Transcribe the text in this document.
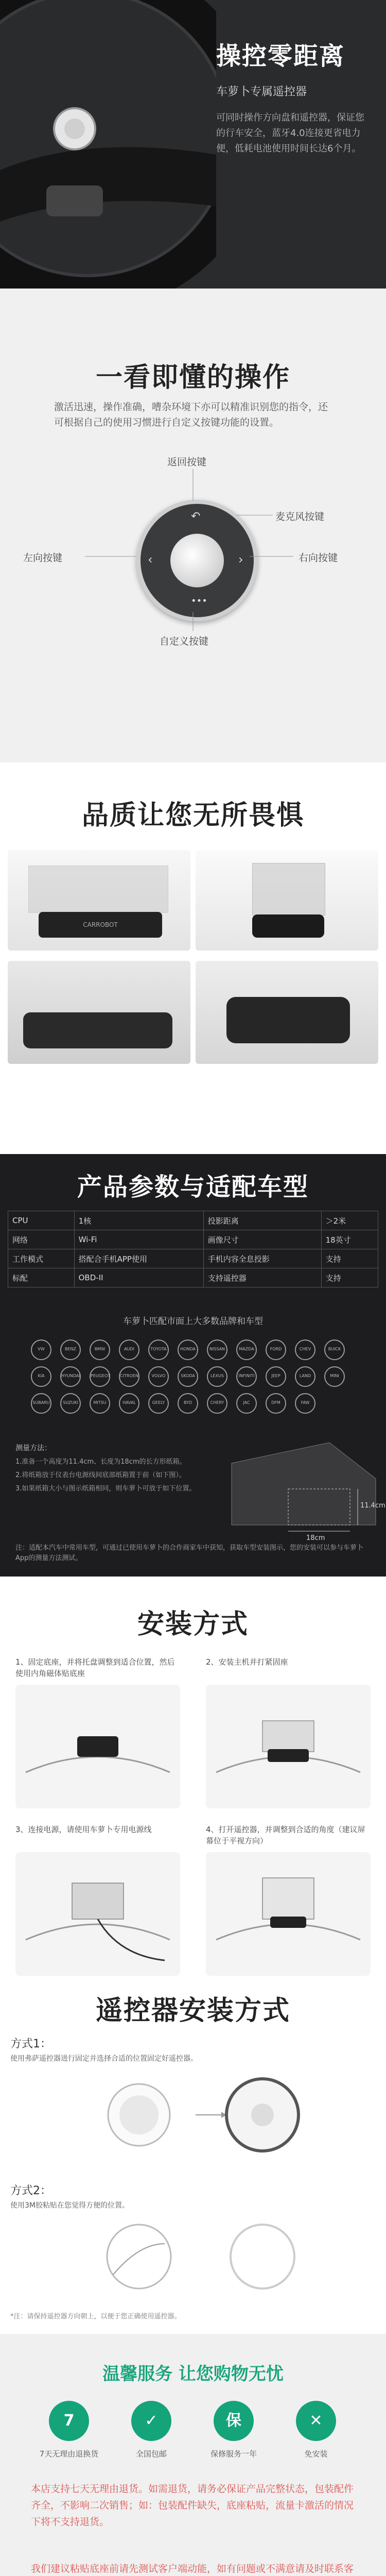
操控零距离
车萝卜专属遥控器
可同时操作方向盘和遥控器，保证您的行车安全，蓝牙4.0连接更省电力便，低耗电池使用时间长达6个月。
一看即懂的操作
激活迅速，操作准确，嘈杂环境下亦可以精准识别您的指令，还可根据自己的使用习惯进行自定义按键功能的设置。
↶
‹	›
•••
返回按键
麦克风按键
左向按键	右向按键
自定义按键
品质让您无所畏惧
CARROBOT
产品参数与适配车型
CPU	1核	投影距离	＞2米
网络	Wi-Fi	画像尺寸	18英寸
工作模式	搭配合手机APP使用	手机内容全息投影	支持
标配	OBD-II	支持遥控器	支持
车萝卜匹配市面上大多数品牌和车型
VW	BENZ	BMW	AUDI	TOYOTA	HONDA	NISSAN	MAZDA	FORD	CHEV	BUICK
KIA	HYUNDAI	PEUGEOT CITROEN	VOLVO	SKODA	LEXUS	INFINITI	JEEP	LAND	MINI
SUBARU	SUZUKI	MITSU	HAVAL	GEELY	BYD	CHERY	JAC	DFM	FAW
测量方法：
1.准备一个高度为11.4cm、长度为18cm的长方形纸箱。
2.将纸箱放于仪表台电源线间底部纸箱置于前（如下图）。
3.如果纸箱大小与图示纸箱相同，则车萝卜可放于如下位置。
11.4cm
18cm
注：适配本汽车中常用车型，可通过已使用车萝卜的合作商家车中获知，获取车型安装图示，您的安装可以参与车萝卜App的测量方法测试。
安装方式
1、固定底座，并将托盘调整到适合位置，然后使用内角磁体贴底座
2、安装主机并打紧固座
3、连接电源，请使用车萝卜专用电源线	4、打开遥控器，并调整到合适的角度（建议屏幕位于平视方向）
遥控器安装方式
方式1：
使用弗萨遥控器进行固定并选择合适的位置固定好遥控器。
方式2：
使用3M胶粘贴在您觉得方便的位置。
*注：请保持遥控器方向朝上，以便于您正确使用遥控器。
温馨服务 让您购物无忧
7	✓	保	✕
7天无理由退换货	全国包邮	保修服务一年	免安装
本店支持七天无理由退货。如需退货，请务必保证产品完整状态，包装配件齐全，不影响二次销售；如：包装配件缺失，底座粘贴，流量卡激活的情况下将不支持退货。
我们建议粘贴底座前请先测试客户端动能，如有问题或不满意请及时联系客
